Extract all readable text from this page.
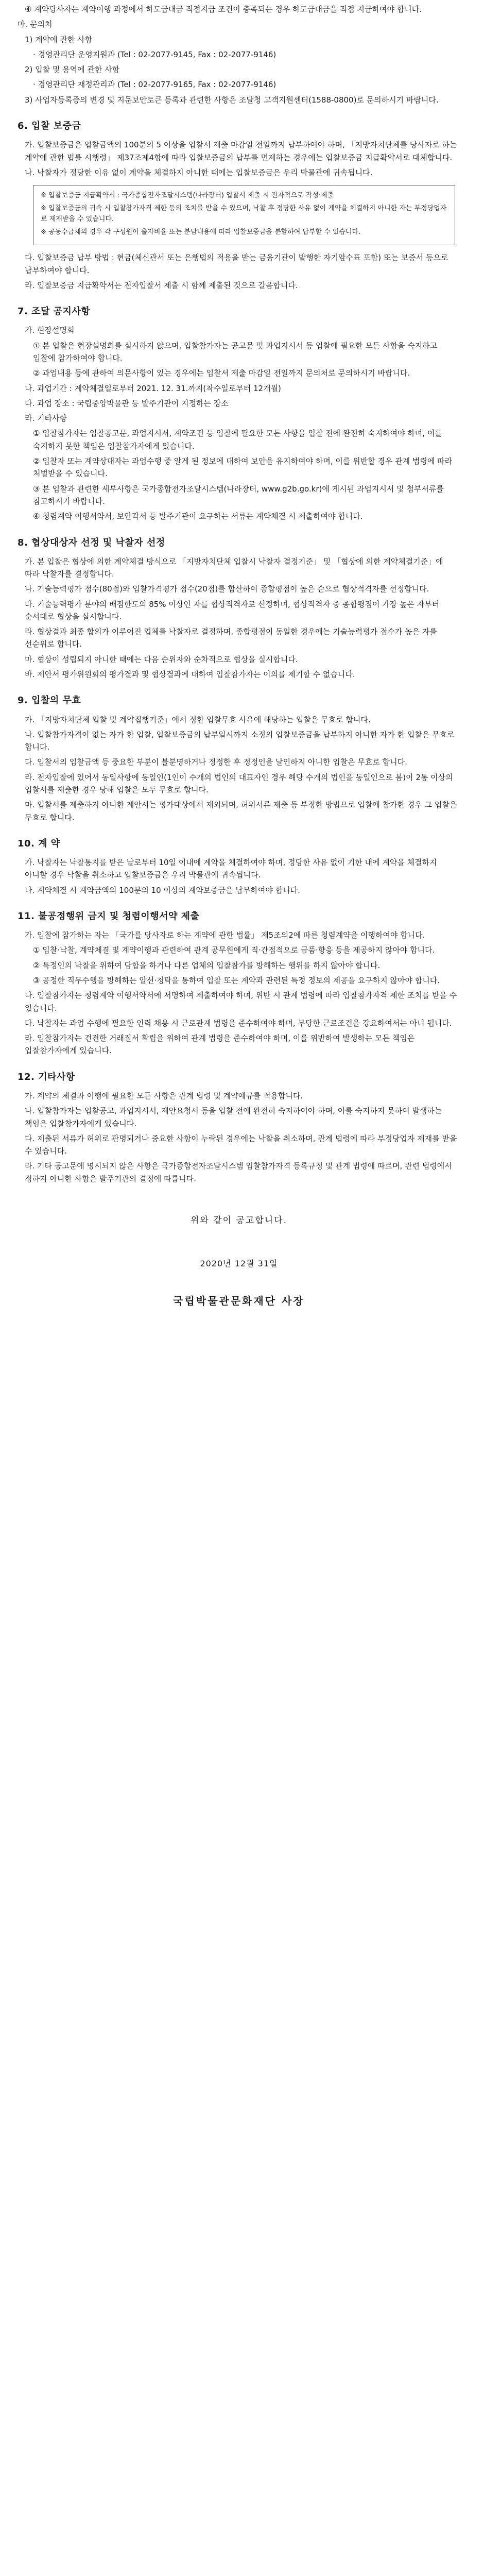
④ 계약당사자는 계약이행 과정에서 하도급대금 직접지급 조건이 충족되는 경우 하도급대금을 직접 지급하여야 합니다.

마. 문의처

1) 계약에 관한 사항

· 경영관리단 운영지원과 (Tel : 02-2077-9145, Fax : 02-2077-9146)

2) 입찰 및 용역에 관한 사항

· 경영관리단 재정관리과 (Tel : 02-2077-9165, Fax : 02-2077-9146)

3) 사업자등록증의 변경 및 지문보안토큰 등록과 관련한 사항은 조달청 고객지원센터(1588-0800)로 문의하시기 바랍니다.

6. 입찰 보증금

가. 입찰보증금은 입찰금액의 100분의 5 이상을 입찰서 제출 마감일 전일까지 납부하여야 하며, 「지방자치단체를 당사자로 하는 계약에 관한 법률 시행령」 제37조제4항에 따라 입찰보증금의 납부를 면제하는 경우에는 입찰보증금 지급확약서로 대체합니다.

나. 낙찰자가 정당한 이유 없이 계약을 체결하지 아니한 때에는 입찰보증금은 우리 박물관에 귀속됩니다.

※ 입찰보증금 지급확약서 : 국가종합전자조달시스템(나라장터) 입찰서 제출 시 전자적으로 작성·제출

※ 입찰보증금의 귀속 시 입찰참가자격 제한 등의 조치를 받을 수 있으며, 낙찰 후 정당한 사유 없이 계약을 체결하지 아니한 자는 부정당업자로 제재받을 수 있습니다.

※ 공동수급체의 경우 각 구성원이 출자비율 또는 분담내용에 따라 입찰보증금을 분할하여 납부할 수 있습니다.

다. 입찰보증금 납부 방법 : 현금(체신관서 또는 은행법의 적용을 받는 금융기관이 발행한 자기앞수표 포함) 또는 보증서 등으로 납부하여야 합니다.

라. 입찰보증금 지급확약서는 전자입찰서 제출 시 함께 제출된 것으로 갈음합니다.

7. 조달 공지사항

가. 현장설명회

① 본 입찰은 현장설명회를 실시하지 않으며, 입찰참가자는 공고문 및 과업지시서 등 입찰에 필요한 모든 사항을 숙지하고 입찰에 참가하여야 합니다.

② 과업내용 등에 관하여 의문사항이 있는 경우에는 입찰서 제출 마감일 전일까지 문의처로 문의하시기 바랍니다.

나. 과업기간 : 계약체결일로부터 2021. 12. 31.까지(착수일로부터 12개월)

다. 과업 장소 : 국립중앙박물관 등 발주기관이 지정하는 장소

라. 기타사항

① 입찰참가자는 입찰공고문, 과업지시서, 계약조건 등 입찰에 필요한 모든 사항을 입찰 전에 완전히 숙지하여야 하며, 이를 숙지하지 못한 책임은 입찰참가자에게 있습니다.

② 입찰자 또는 계약상대자는 과업수행 중 알게 된 정보에 대하여 보안을 유지하여야 하며, 이를 위반할 경우 관계 법령에 따라 처벌받을 수 있습니다.

③ 본 입찰과 관련한 세부사항은 국가종합전자조달시스템(나라장터, www.g2b.go.kr)에 게시된 과업지시서 및 첨부서류를 참고하시기 바랍니다.

④ 청렴계약 이행서약서, 보안각서 등 발주기관이 요구하는 서류는 계약체결 시 제출하여야 합니다.

8. 협상대상자 선정 및 낙찰자 선정

가. 본 입찰은 협상에 의한 계약체결 방식으로 「지방자치단체 입찰시 낙찰자 결정기준」 및 「협상에 의한 계약체결기준」에 따라 낙찰자를 결정합니다.

나. 기술능력평가 점수(80점)와 입찰가격평가 점수(20점)를 합산하여 종합평점이 높은 순으로 협상적격자를 선정합니다.

다. 기술능력평가 분야의 배점한도의 85% 이상인 자를 협상적격자로 선정하며, 협상적격자 중 종합평점이 가장 높은 자부터 순서대로 협상을 실시합니다.

라. 협상결과 최종 합의가 이루어진 업체를 낙찰자로 결정하며, 종합평점이 동일한 경우에는 기술능력평가 점수가 높은 자를 선순위로 합니다.

마. 협상이 성립되지 아니한 때에는 다음 순위자와 순차적으로 협상을 실시합니다.

바. 제안서 평가위원회의 평가결과 및 협상결과에 대하여 입찰참가자는 이의를 제기할 수 없습니다.

9. 입찰의 무효

가. 「지방자치단체 입찰 및 계약집행기준」에서 정한 입찰무효 사유에 해당하는 입찰은 무효로 합니다.

나. 입찰참가자격이 없는 자가 한 입찰, 입찰보증금의 납부일시까지 소정의 입찰보증금을 납부하지 아니한 자가 한 입찰은 무효로 합니다.

다. 입찰서의 입찰금액 등 중요한 부분이 불분명하거나 정정한 후 정정인을 날인하지 아니한 입찰은 무효로 합니다.

라. 전자입찰에 있어서 동일사항에 동일인(1인이 수개의 법인의 대표자인 경우 해당 수개의 법인을 동일인으로 봄)이 2통 이상의 입찰서를 제출한 경우 당해 입찰은 모두 무효로 합니다.

마. 입찰서를 제출하지 아니한 제안서는 평가대상에서 제외되며, 허위서류 제출 등 부정한 방법으로 입찰에 참가한 경우 그 입찰은 무효로 합니다.

10. 계 약

가. 낙찰자는 낙찰통지를 받은 날로부터 10일 이내에 계약을 체결하여야 하며, 정당한 사유 없이 기한 내에 계약을 체결하지 아니할 경우 낙찰을 취소하고 입찰보증금은 우리 박물관에 귀속됩니다.

나. 계약체결 시 계약금액의 100분의 10 이상의 계약보증금을 납부하여야 합니다.

11. 불공정행위 금지 및 청렴이행서약 제출

가. 입찰에 참가하는 자는 「국가를 당사자로 하는 계약에 관한 법률」 제5조의2에 따른 청렴계약을 이행하여야 합니다.

① 입찰·낙찰, 계약체결 및 계약이행과 관련하여 관계 공무원에게 직·간접적으로 금품·향응 등을 제공하지 않아야 합니다.

② 특정인의 낙찰을 위하여 담합을 하거나 다른 업체의 입찰참가를 방해하는 행위를 하지 않아야 합니다.

③ 공정한 직무수행을 방해하는 알선·청탁을 통하여 입찰 또는 계약과 관련된 특정 정보의 제공을 요구하지 않아야 합니다.

나. 입찰참가자는 청렴계약 이행서약서에 서명하여 제출하여야 하며, 위반 시 관계 법령에 따라 입찰참가자격 제한 조치를 받을 수 있습니다.

다. 낙찰자는 과업 수행에 필요한 인력 채용 시 근로관계 법령을 준수하여야 하며, 부당한 근로조건을 강요하여서는 아니 됩니다.

라. 입찰참가자는 건전한 거래질서 확립을 위하여 관계 법령을 준수하여야 하며, 이를 위반하여 발생하는 모든 책임은 입찰참가자에게 있습니다.

12. 기타사항

가. 계약의 체결과 이행에 필요한 모든 사항은 관계 법령 및 계약예규를 적용합니다.

나. 입찰참가자는 입찰공고, 과업지시서, 제안요청서 등을 입찰 전에 완전히 숙지하여야 하며, 이를 숙지하지 못하여 발생하는 책임은 입찰참가자에게 있습니다.

다. 제출된 서류가 허위로 판명되거나 중요한 사항이 누락된 경우에는 낙찰을 취소하며, 관계 법령에 따라 부정당업자 제재를 받을 수 있습니다.

라. 기타 공고문에 명시되지 않은 사항은 국가종합전자조달시스템 입찰참가자격 등록규정 및 관계 법령에 따르며, 관련 법령에서 정하지 아니한 사항은 발주기관의 결정에 따릅니다.

위와 같이 공고합니다.
2020년 12월 31일
국립박물관문화재단 사장
